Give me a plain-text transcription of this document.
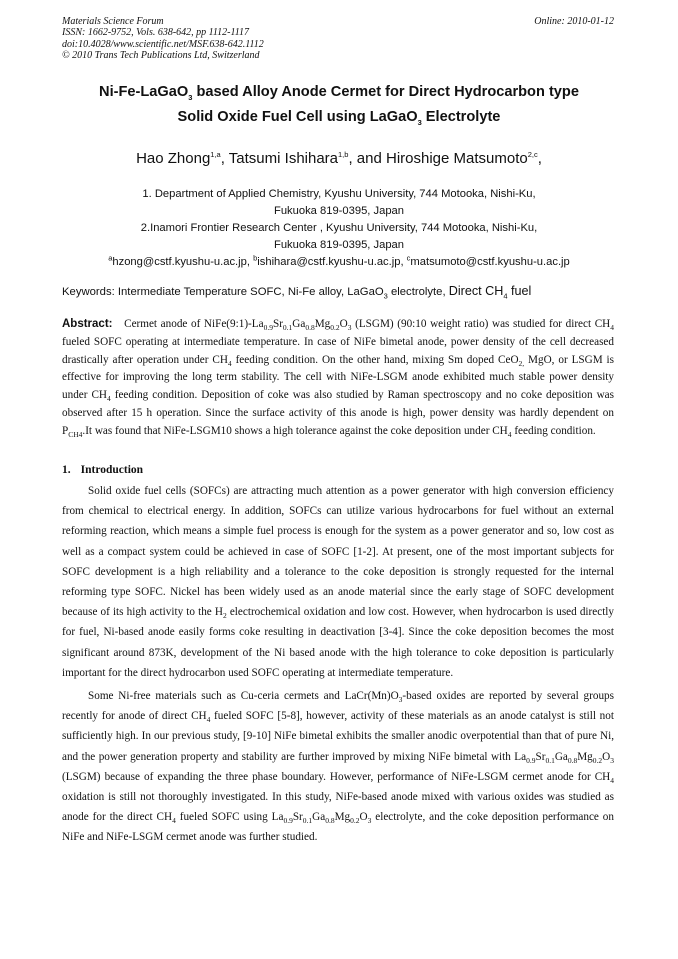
Materials Science Forum
ISSN: 1662-9752, Vols. 638-642, pp 1112-1117
doi:10.4028/www.scientific.net/MSF.638-642.1112
© 2010 Trans Tech Publications Ltd, Switzerland
Online: 2010-01-12
Ni-Fe-LaGaO$_3$ based Alloy Anode Cermet for Direct Hydrocarbon type
Solid Oxide Fuel Cell using LaGaO$_3$ Electrolyte
Hao Zhong$^{1,a}$, Tatsumi Ishihara$^{1,b}$, and Hiroshige Matsumoto$^{2,c}$,
1. Department of Applied Chemistry, Kyushu University, 744 Motooka, Nishi-Ku,
Fukuoka 819-0395, Japan
2.Inamori Frontier Research Center , Kyushu University, 744 Motooka, Nishi-Ku,
Fukuoka 819-0395, Japan
$^a$hzong@cstf.kyushu-u.ac.jp, $^b$ishihara@cstf.kyushu-u.ac.jp, $^c$matsumoto@cstf.kyushu-u.ac.jp
Keywords: Intermediate Temperature SOFC, Ni-Fe alloy, LaGaO$_3$ electrolyte, Direct $CH_4$ fuel
Abstract: Cermet anode of $NiFe(9:1)-La_{0.9}Sr_{0.1}Ga_{0.8}Mg_{0.2}O_3$ (LSGM) (90:10 weight ratio) was studied for direct $CH_4$ fueled SOFC operating at intermediate temperature. In case of NiFe bimetal anode, power density of the cell decreased drastically after operation under $CH_4$ feeding condition. On the other hand, mixing Sm doped CeO$_{2,}$ MgO, or LSGM is effective for improving the long term stability. The cell with NiFe-LSGM anode exhibited much stable power density under $CH_4$ feeding condition. Deposition of coke was also studied by Raman spectroscopy and no coke deposition was observed after 15 h operation. Since the surface activity of this anode is high, power density was hardly dependent on $P_{CH4}.It$ was found that NiFe-LSGM10 shows a high tolerance against the coke deposition under $CH_4$ feeding condition.
1. Introduction

Solid oxide fuel cells (SOFCs) are attracting much attention as a power generator with high conversion efficiency from chemical to electrical energy. In addition, SOFCs can utilize various hydrocarbons for fuel without an external reforming reaction, which means a simple fuel process is enough for the system as a power generator and so, low cost as well as a compact system could be achieved in case of SOFC [1-2]. At present, one of the most important subjects for SOFC development is a high reliability and a tolerance to the coke deposition is strongly requested for the internal reforming type SOFC. Nickel has been widely used as an anode material since the early stage of SOFC development because of its high activity to the $H_2$ electrochemical oxidation and low cost. However, when hydrocarbon is used directly for fuel, Ni-based anode easily forms coke resulting in deactivation [3-4]. Since the coke deposition becomes the most significant around 873K, development of the Ni based anode with the high tolerance to coke deposition is particularly important for the direct hydrocarbon used SOFC operating at intermediate temperature.

Some Ni-free materials such as Cu-ceria cermets and $LaCr(Mn)O_3$-based oxides are reported by several groups recently for anode of direct $CH_4$ fueled SOFC [5-8], however, activity of these materials as an anode catalyst is still not sufficiently high. In our previous study, [9-10] NiFe bimetal exhibits the smaller anodic overpotential than that of pure Ni, and the power generation property and stability are further improved by mixing NiFe bimetal with $La_{0.9}Sr_{0.1}Ga_{0.8}Mg_{0.2}O_3$ (LSGM) because of expanding the three phase boundary. However, performance of NiFe-LSGM cermet anode for $CH_4$ oxidation is still not thoroughly investigated. In this study, NiFe-based anode mixed with various oxides was studied as anode for the direct $CH_4$ fueled SOFC using $La_{0.9}Sr_{0.1}Ga_{0.8}Mg_{0.2}O_3$ electrolyte, and the coke deposition performance on NiFe and NiFe-LSGM cermet anode was further studied.
